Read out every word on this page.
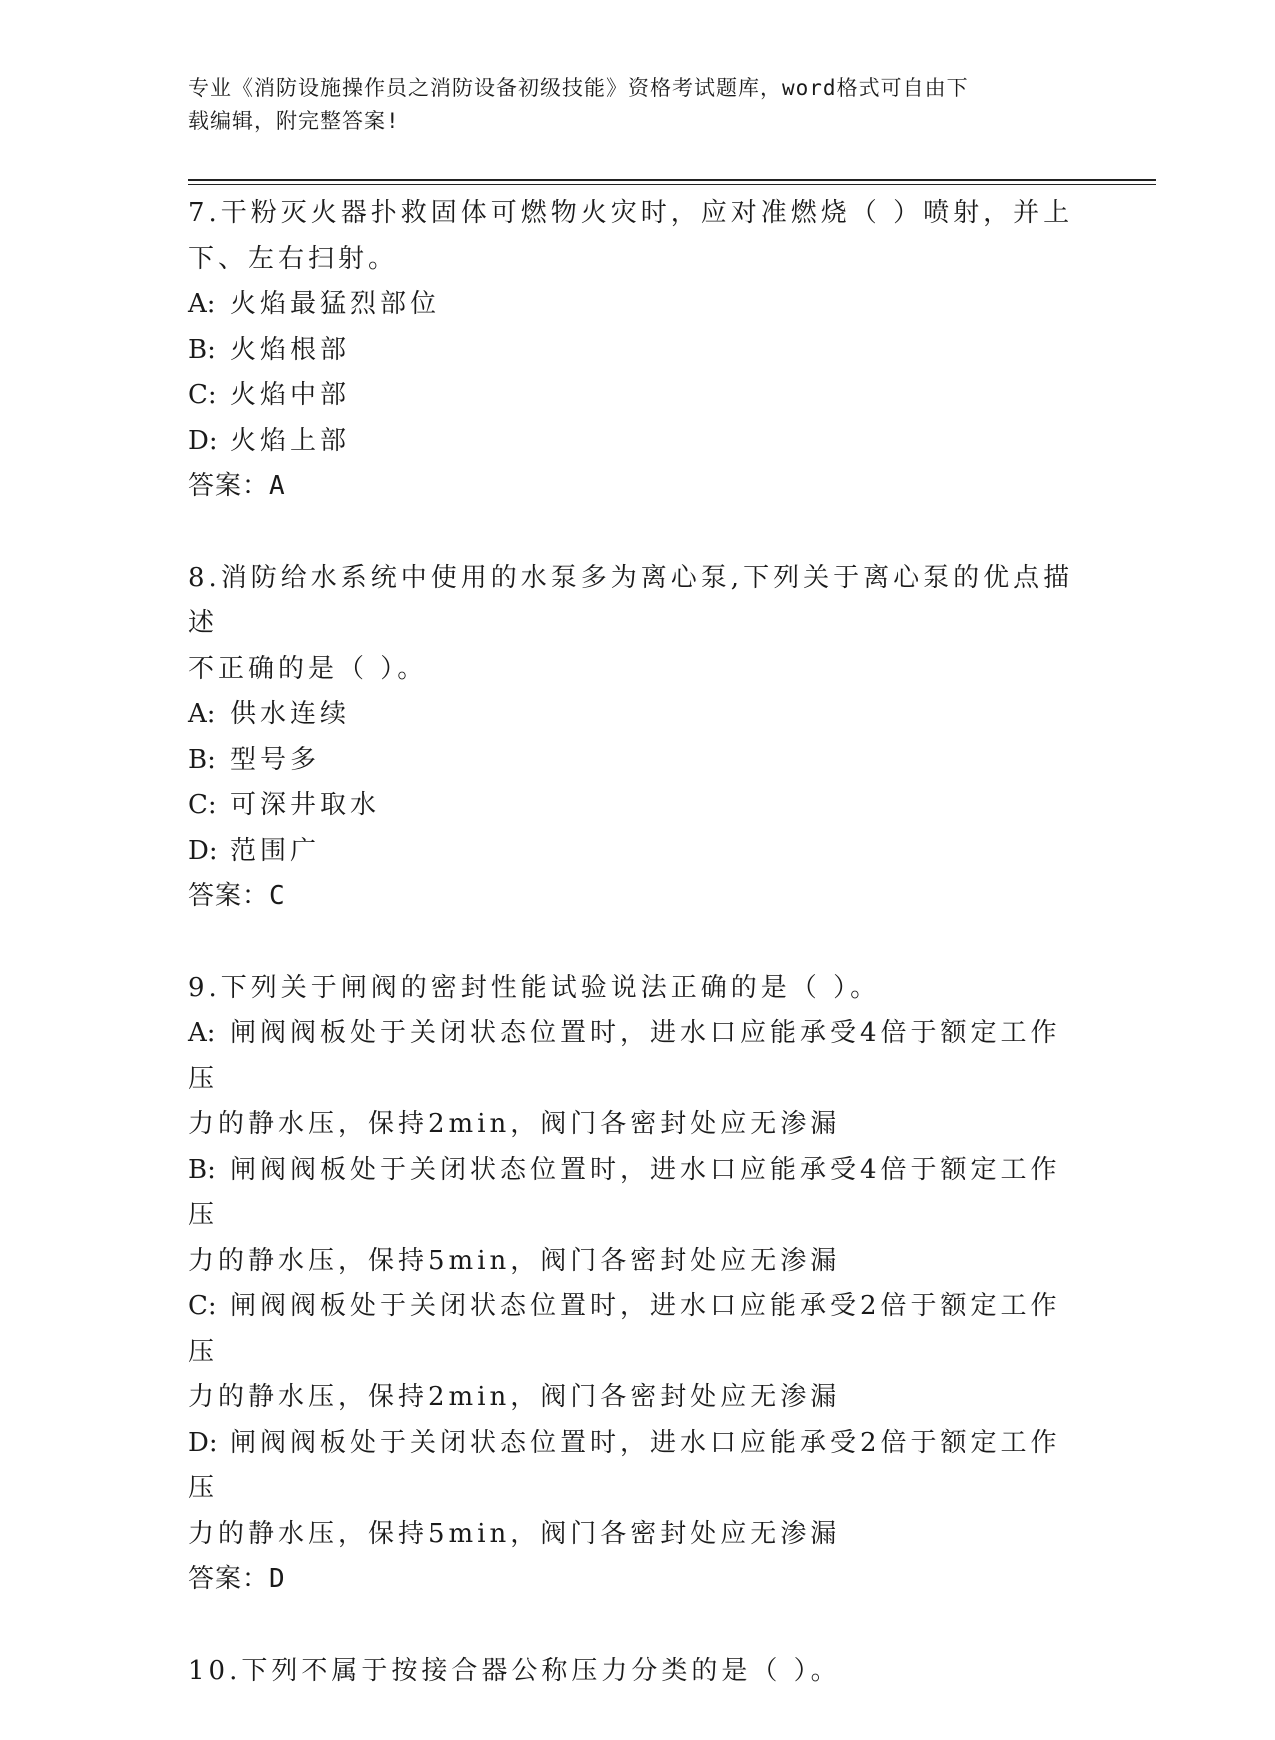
专业《消防设施操作员之消防设备初级技能》资格考试题库，word格式可自由下
载编辑，附完整答案!

7.干粉灭火器扑救固体可燃物火灾时，应对准燃烧（ ）喷射，并上

下、左右扫射。

A: 火焰最猛烈部位

B: 火焰根部

C: 火焰中部

D: 火焰上部

答案：A

8.消防给水系统中使用的水泵多为离心泵,下列关于离心泵的优点描述

不正确的是（ ）。

A: 供水连续

B: 型号多

C: 可深井取水

D: 范围广

答案：C

9.下列关于闸阀的密封性能试验说法正确的是（ ）。

A: 闸阀阀板处于关闭状态位置时，进水口应能承受4倍于额定工作压

力的静水压，保持2min，阀门各密封处应无渗漏

B: 闸阀阀板处于关闭状态位置时，进水口应能承受4倍于额定工作压

力的静水压，保持5min，阀门各密封处应无渗漏

C: 闸阀阀板处于关闭状态位置时，进水口应能承受2倍于额定工作压

力的静水压，保持2min，阀门各密封处应无渗漏

D: 闸阀阀板处于关闭状态位置时，进水口应能承受2倍于额定工作压

力的静水压，保持5min，阀门各密封处应无渗漏

答案：D

10.下列不属于按接合器公称压力分类的是（ ）。
